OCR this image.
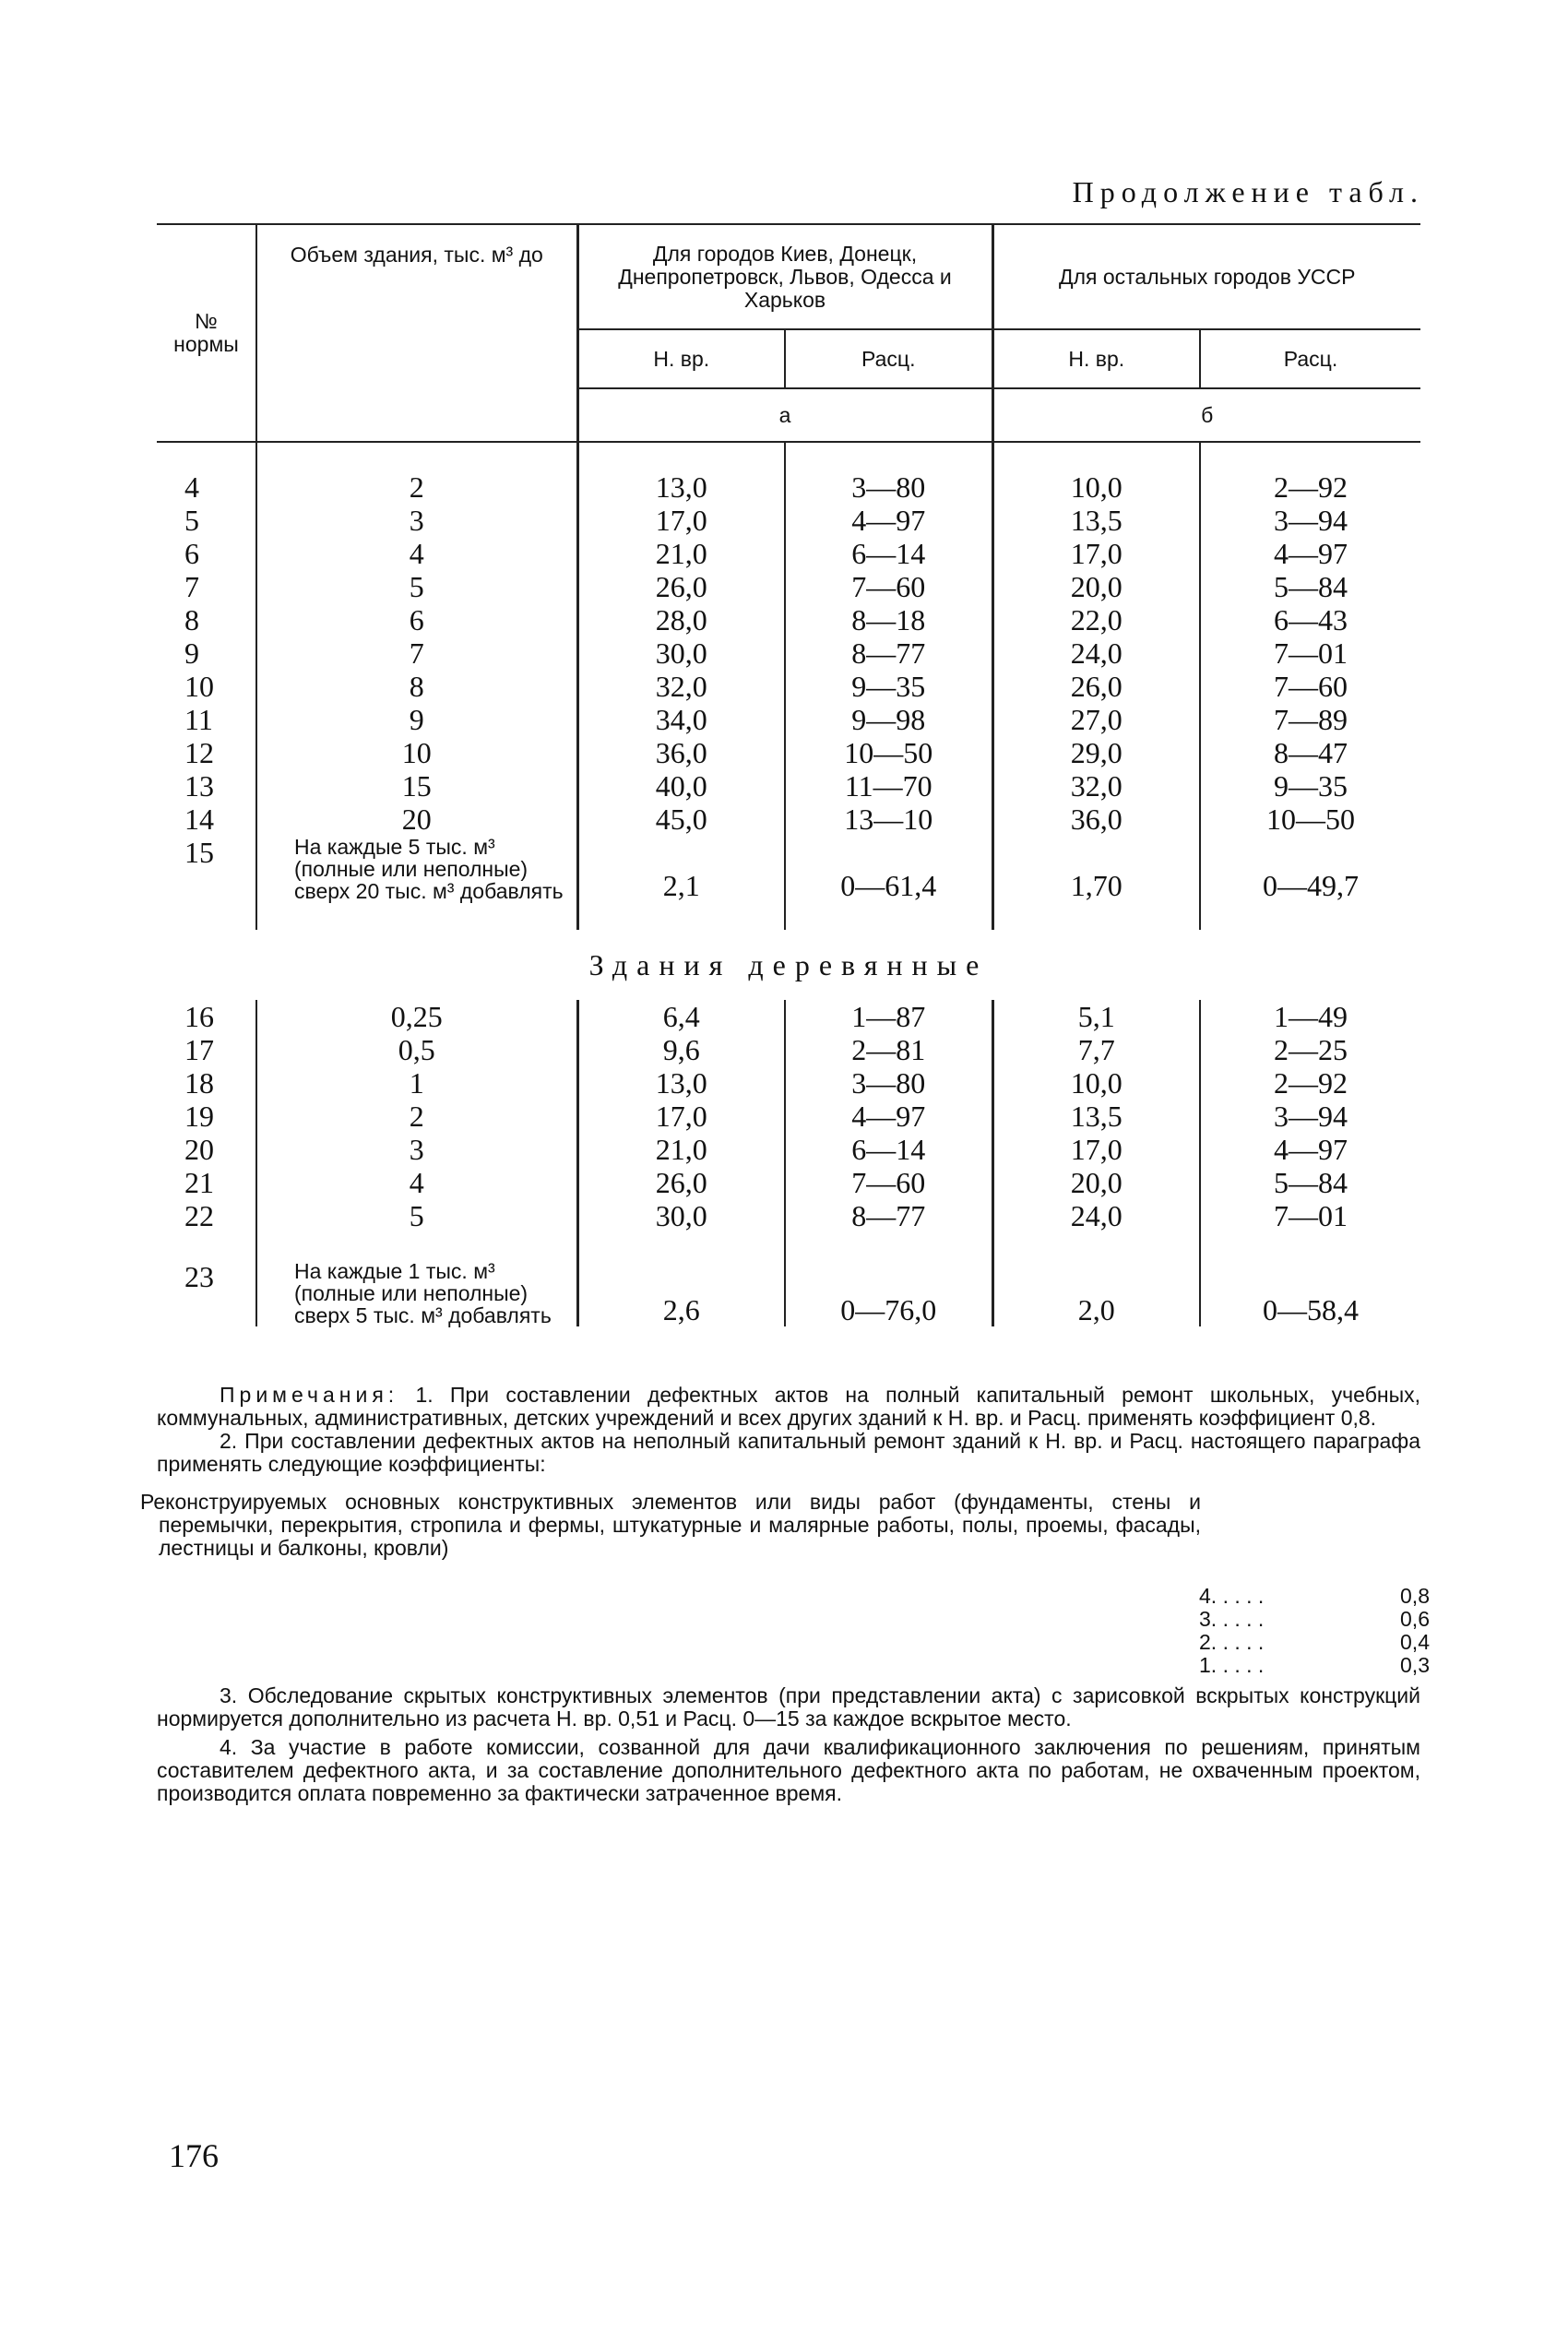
Продолжение табл.
№ нормы	Объем здания, тыс. м³ до	Для городов Киев, Донецк, Днепропетровск, Львов, Одесса и Харьков		Для остальных городов УССР	
		Н. вр.	Расц.	Н. вр.	Расц.
		а		б	

4	2	13,0	3—80	10,0	2—92
5	3	17,0	4—97	13,5	3—94
6	4	21,0	6—14	17,0	4—97
7	5	26,0	7—60	20,0	5—84
8	6	28,0	8—18	22,0	6—43
9	7	30,0	8—77	24,0	7—01
10	8	32,0	9—35	26,0	7—60
11	9	34,0	9—98	27,0	7—89
12	10	36,0	10—50	29,0	8—47
13	15	40,0	11—70	32,0	9—35
14	20	45,0	13—10	36,0	10—50
15	На каждые 5 тыс. м³ (полные или неполные) сверх 20 тыс. м³ добавлять	2,1	0—61,4	1,70	0—49,7

Здания деревянные					
16	0,25	6,4	1—87	5,1	1—49
17	0,5	9,6	2—81	7,7	2—25
18	1	13,0	3—80	10,0	2—92
19	2	17,0	4—97	13,5	3—94
20	3	21,0	6—14	17,0	4—97
21	4	26,0	7—60	20,0	5—84
22	5	30,0	8—77	24,0	7—01

23	На каждые 1 тыс. м³ (полные или неполные) сверх 5 тыс. м³ добавлять	2,6	0—76,0	2,0	0—58,4

Примечания: 1. При составлении дефектных актов на полный капитальный ремонт школьных, учебных, коммунальных, административных, детских учреждений и всех других зданий к Н. вр. и Расц. применять коэффициент 0,8.

2. При составлении дефектных актов на неполный капитальный ремонт зданий к Н. вр. и Расц. настоящего параграфа применять следующие коэффициенты:

Реконструируемых основных конструктивных элементов или виды работ (фундаменты, стены и перемычки, перекрытия, стропила и фермы, штукатурные и малярные работы, полы, проемы, фасады, лестницы и балконы, кровли)
4. . . . .	0,8
3. . . . .	0,6
2. . . . .	0,4
1. . . . .	0,3

3. Обследование скрытых конструктивных элементов (при представлении акта) с зарисовкой вскрытых конструкций нормируется дополнительно из расчета Н. вр. 0,51 и Расц. 0—15 за каждое вскрытое место.

4. За участие в работе комиссии, созванной для дачи квалификационного заключения по решениям, принятым составителем дефектного акта, и за составление дополнительного дефектного акта по работам, не охваченным проектом, производится оплата повременно за фактически затраченное время.

176
